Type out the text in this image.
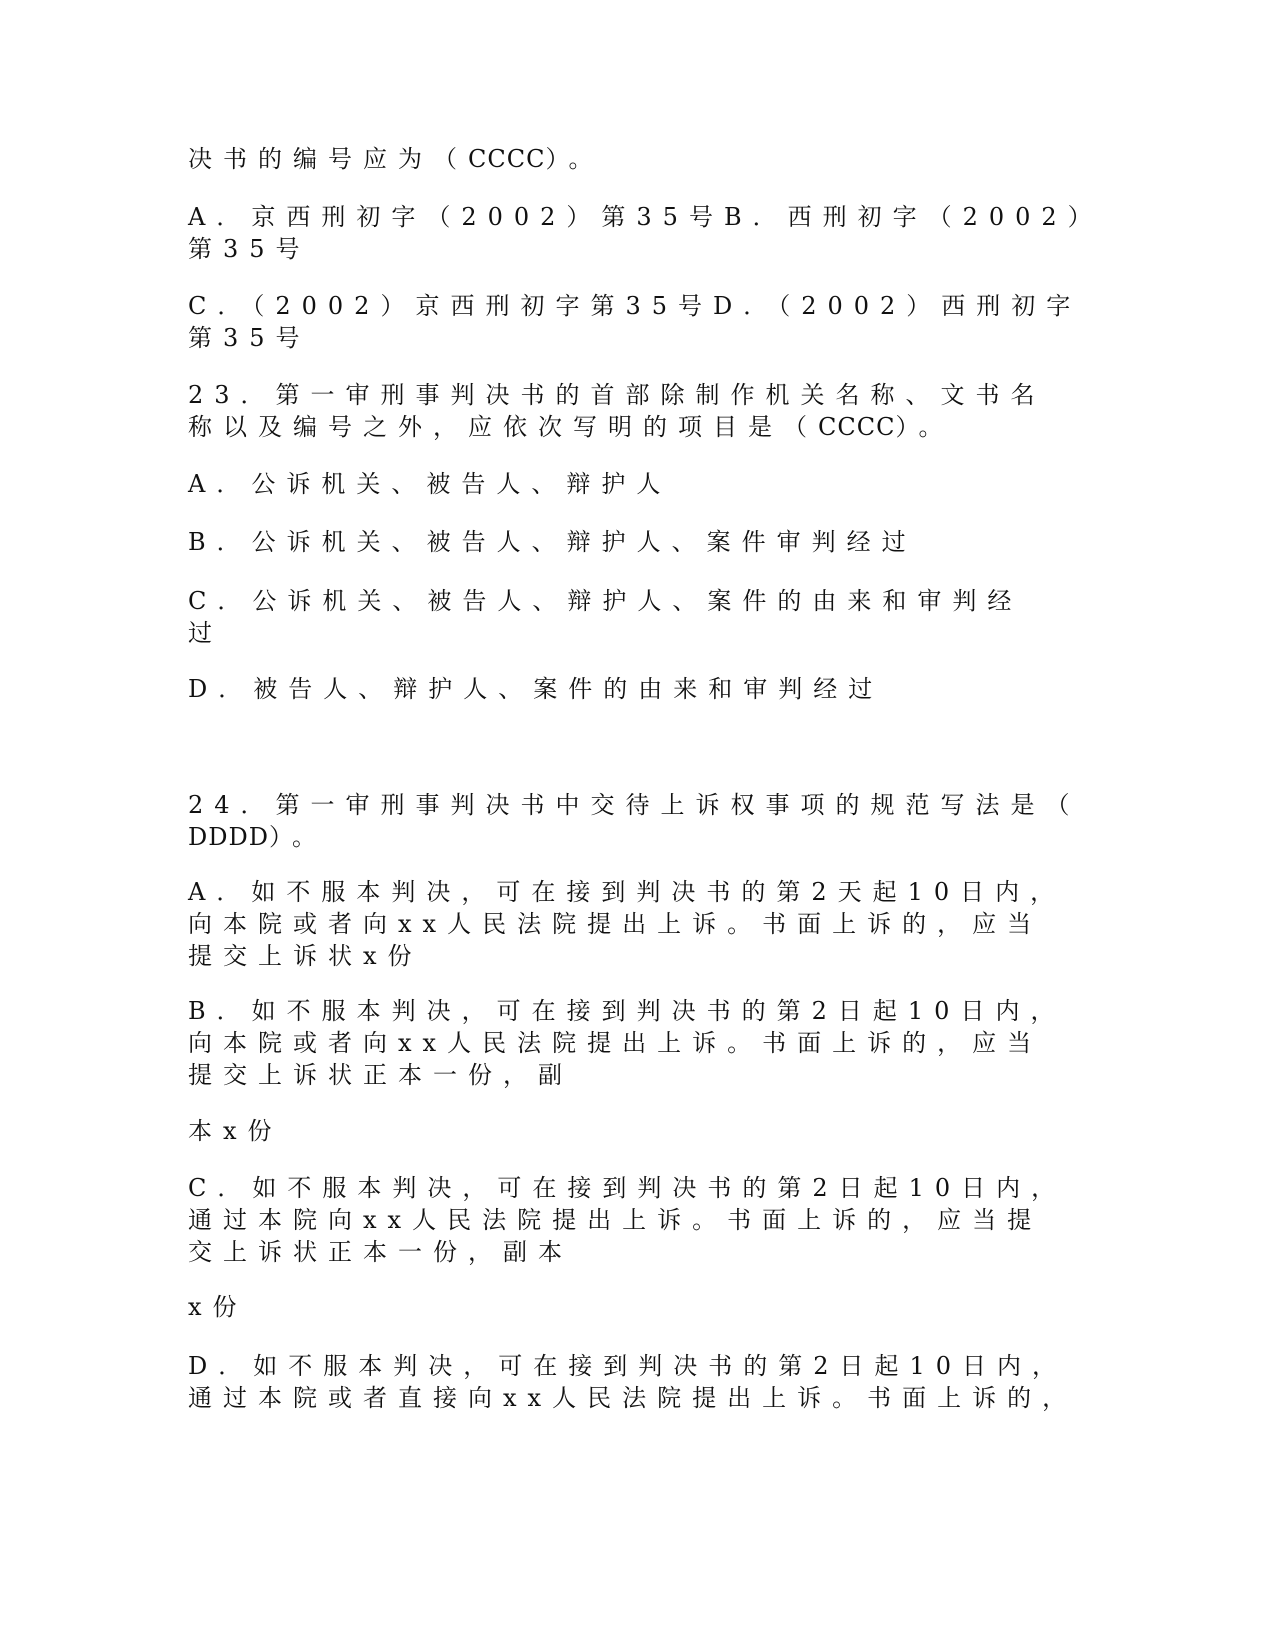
决书的编号应为（CCCC）。

A．京西刑初字（2002）第35号B．西刑初字（2002）
第35号

C．（2002）京西刑初字第35号D．（2002）西刑初字
第35号

23．第一审刑事判决书的首部除制作机关名称、文书名
称以及编号之外，应依次写明的项目是（CCCC）。

A．公诉机关、被告人、辩护人

B．公诉机关、被告人、辩护人、案件审判经过

C．公诉机关、被告人、辩护人、案件的由来和审判经
过

D．被告人、辩护人、案件的由来和审判经过

24．第一审刑事判决书中交待上诉权事项的规范写法是（
DDDD）。

A．如不服本判决，可在接到判决书的第2天起10日内，
向本院或者向xx人民法院提出上诉。书面上诉的，应当
提交上诉状x份

B．如不服本判决，可在接到判决书的第2日起10日内，
向本院或者向xx人民法院提出上诉。书面上诉的，应当
提交上诉状正本一份，副

本x份

C．如不服本判决，可在接到判决书的第2日起10日内，
通过本院向xx人民法院提出上诉。书面上诉的，应当提
交上诉状正本一份，副本

x份

D．如不服本判决，可在接到判决书的第2日起10日内，
通过本院或者直接向xx人民法院提出上诉。书面上诉的，
